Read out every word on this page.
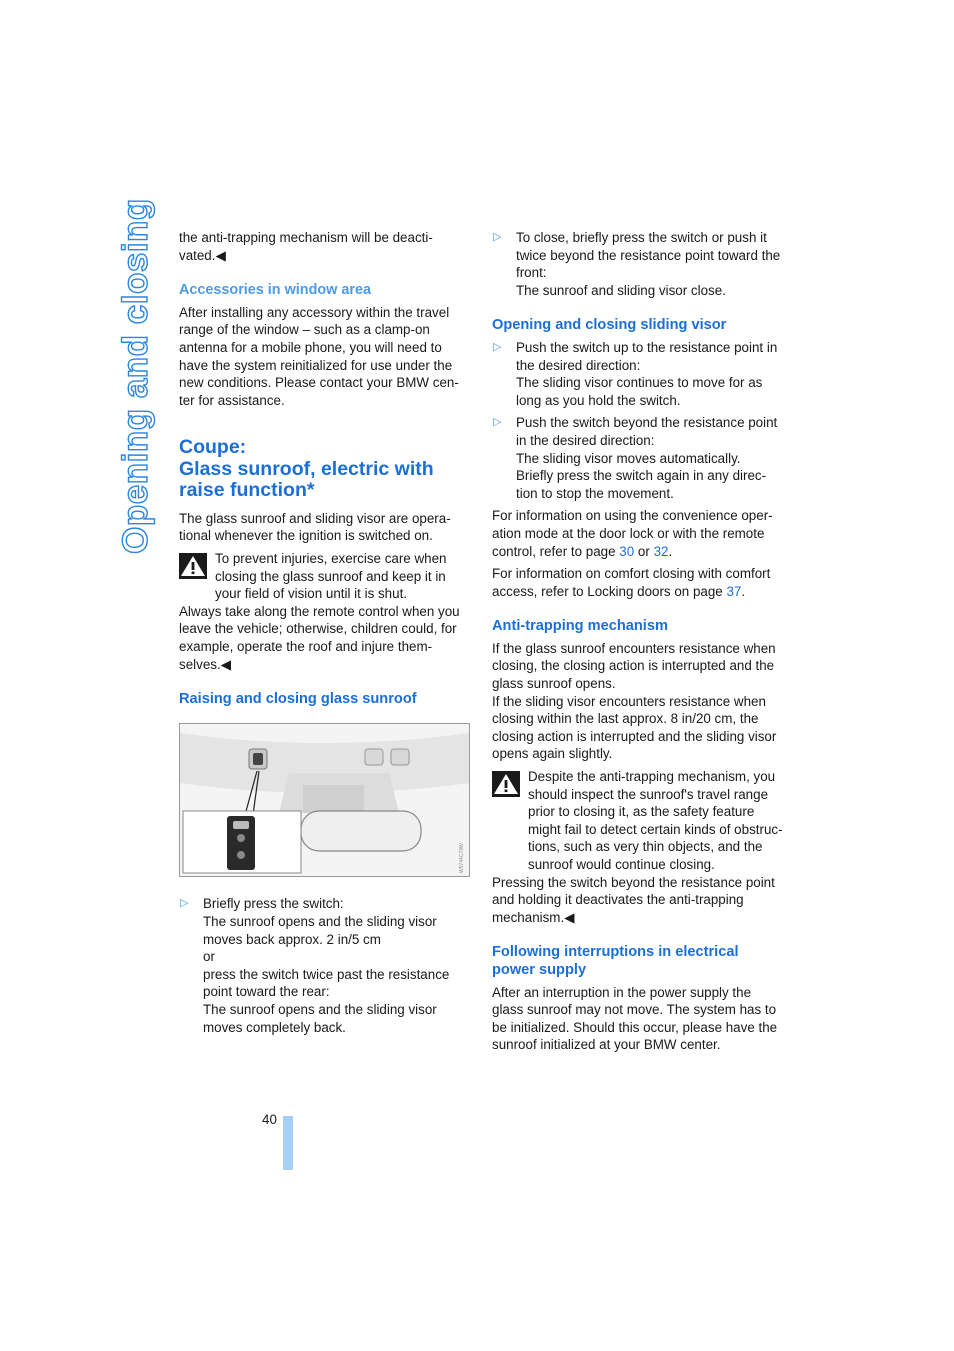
Opening and closing the anti-trapping mechanism will be deacti-vated.◀

Accessories in window area

After installing any accessory within the travel range of the window – such as a clamp-on antenna for a mobile phone, you will need to have the system reinitialized for use under the new conditions. Please contact your BMW cen-ter for assistance.

Coupe:
Glass sunroof, electric with raise function*

The glass sunroof and sliding visor are opera-tional whenever the ignition is switched on.

To prevent injuries, exercise care when closing the glass sunroof and keep it in your field of vision until it is shut.

Always take along the remote control when you leave the vehicle; otherwise, children could, for example, operate the roof and injure them-selves.◀

Raising and closing glass sunroof
W5744C79W
▷ Briefly press the switch:
The sunroof opens and the sliding visor moves back approx. 2 in/5 cm
or
press the switch twice past the resistance point toward the rear:
The sunroof opens and the sliding visor moves completely back.
▷ To close, briefly press the switch or push it twice beyond the resistance point toward the front:
The sunroof and sliding visor close.
Opening and closing sliding visor
▷ Push the switch up to the resistance point in the desired direction:
The sliding visor continues to move for as long as you hold the switch.
▷ Push the switch beyond the resistance point in the desired direction:
The sliding visor moves automatically.
Briefly press the switch again in any direc-tion to stop the movement.

For information on using the convenience oper-ation mode at the door lock or with the remote control, refer to page 30 or 32.

For information on comfort closing with comfort access, refer to Locking doors on page 37.

Anti-trapping mechanism

If the glass sunroof encounters resistance when closing, the closing action is interrupted and the glass sunroof opens.

If the sliding visor encounters resistance when closing within the last approx. 8 in/20 cm, the closing action is interrupted and the sliding visor opens again slightly.

Despite the anti-trapping mechanism, you should inspect the sunroof's travel range prior to closing it, as the safety feature might fail to detect certain kinds of obstruc-tions, such as very thin objects, and the sunroof would continue closing.

Pressing the switch beyond the resistance point and holding it deactivates the anti-trapping mechanism.◀

Following interruptions in electrical power supply

After an interruption in the power supply the glass sunroof may not move. The system has to be initialized. Should this occur, please have the sunroof initialized at your BMW center.

40
